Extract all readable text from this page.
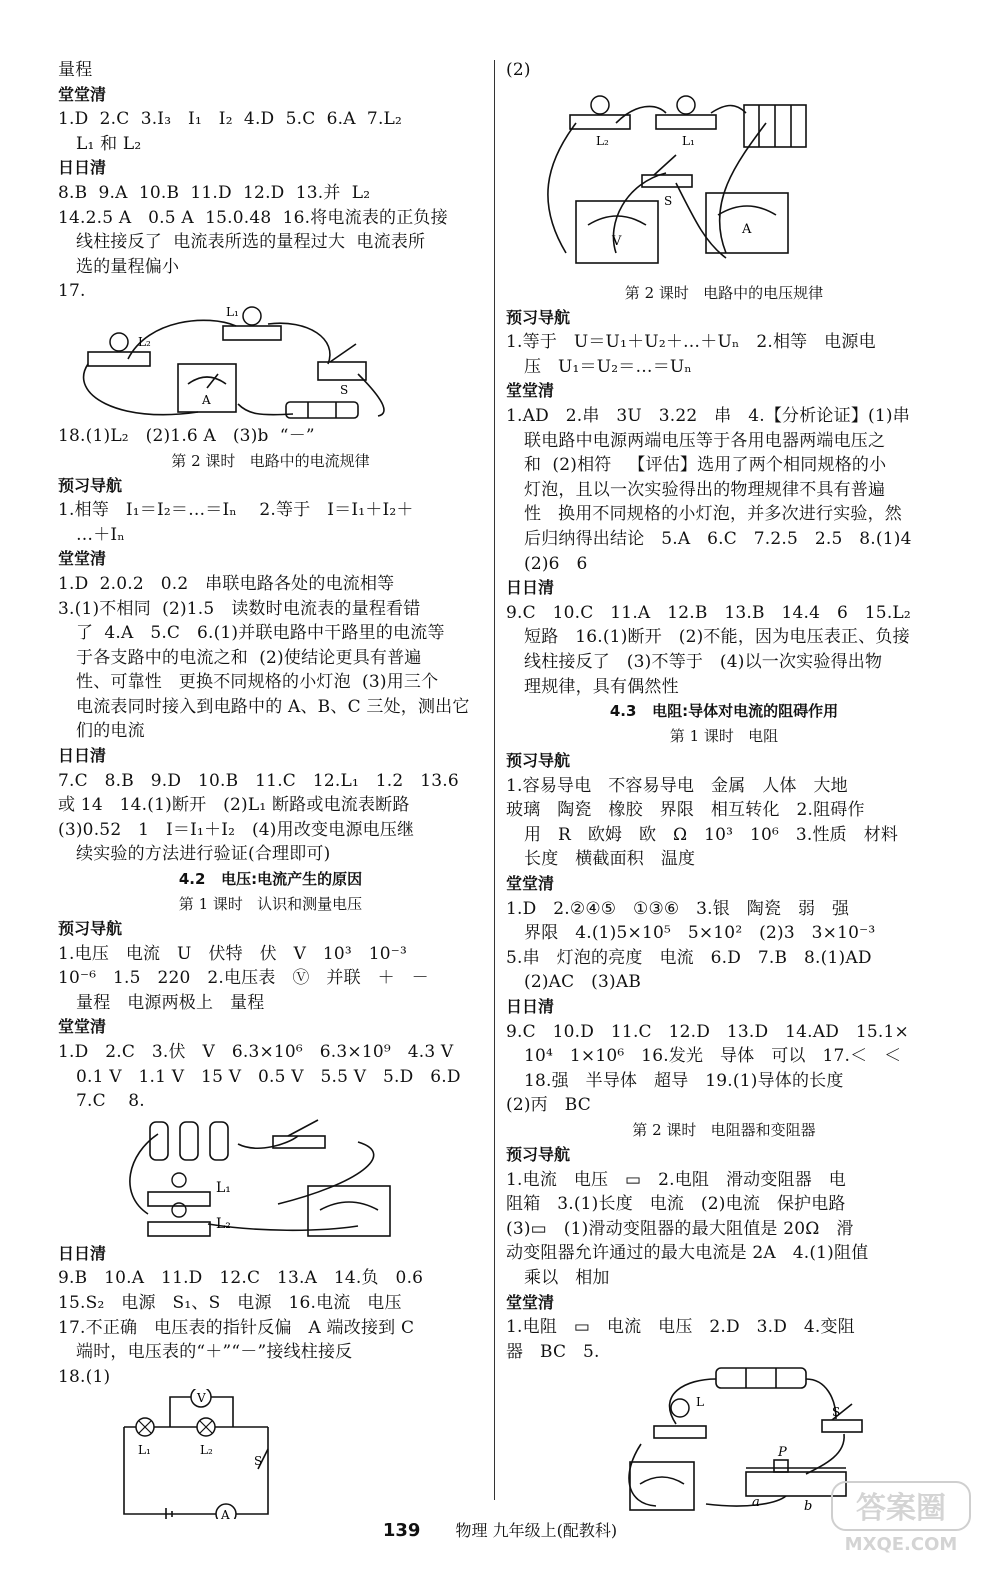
量程
堂堂清
1.D  2.C  3.I₃   I₁   I₂  4.D  5.C  6.A  7.L₂
L₁ 和 L₂
日日清
8.B  9.A  10.B  11.D  12.D  13.并  L₂
14.2.5 A   0.5 A  15.0.48  16.将电流表的正负接
线柱接反了  电流表所选的量程过大  电流表所
选的量程偏小
17.
L₂
L₁
A
S
18.(1)L₂   (2)1.6 A   (3)b  “－”
第 2 课时   电路中的电流规律
预习导航
1.相等   I₁＝I₂＝…＝Iₙ    2.等于   I＝I₁＋I₂＋
…＋Iₙ
堂堂清
1.D  2.0.2   0.2   串联电路各处的电流相等
3.(1)不相同  (2)1.5   读数时电流表的量程看错
了  4.A   5.C   6.(1)并联电路中干路里的电流等
于各支路中的电流之和  (2)使结论更具有普遍
性、可靠性   更换不同规格的小灯泡  (3)用三个
电流表同时接入到电路中的 A、B、C 三处，测出它
们的电流
日日清
7.C   8.B   9.D   10.B   11.C   12.L₁   1.2   13.6
或 14   14.(1)断开   (2)L₁ 断路或电流表断路
(3)0.52   1   I＝I₁＋I₂   (4)用改变电源电压继
续实验的方法进行验证(合理即可)
4.2   电压:电流产生的原因
第 1 课时   认识和测量电压
预习导航
1.电压   电流   U   伏特   伏   V   10³   10⁻³
10⁻⁶   1.5   220   2.电压表   Ⓥ   并联   ＋   －
量程   电源两极上   量程
堂堂清
1.D   2.C   3.伏   V   6.3×10⁶   6.3×10⁹   4.3 V
0.1 V   1.1 V   15 V   0.5 V   5.5 V   5.D   6.D
7.C    8.
L₁
L₂
日日清
9.B   10.A   11.D   12.C   13.A   14.负   0.6
15.S₂   电源   S₁、S   电源   16.电流   电压
17.不正确   电压表的指针反偏   A 端改接到 C
端时，电压表的“＋”“－”接线柱接反
18.(1)
V
A
L₁	L₂
S
(2)
L₂	L₁
S
V
A
第 2 课时   电路中的电压规律
预习导航
1.等于   U＝U₁＋U₂＋…＋Uₙ   2.相等   电源电
压   U₁＝U₂＝…＝Uₙ
堂堂清
1.AD   2.串   3U   3.22   串   4.【分析论证】(1)串
联电路中电源两端电压等于各用电器两端电压之
和  (2)相符   【评估】选用了两个相同规格的小
灯泡，且以一次实验得出的物理规律不具有普遍
性   换用不同规格的小灯泡，并多次进行实验，然
后归纳得出结论   5.A   6.C   7.2.5   2.5   8.(1)4
(2)6   6
日日清
9.C   10.C   11.A   12.B   13.B   14.4   6   15.L₂
短路   16.(1)断开   (2)不能，因为电压表正、负接
线柱接反了   (3)不等于   (4)以一次实验得出物
理规律，具有偶然性
4.3   电阻:导体对电流的阻碍作用
第 1 课时   电阻
预习导航
1.容易导电   不容易导电   金属   人体   大地
玻璃   陶瓷   橡胶   界限   相互转化   2.阻碍作
用   R   欧姆   欧   Ω   10³   10⁶   3.性质   材料
长度   横截面积   温度
堂堂清
1.D   2.②④⑤   ①③⑥   3.银   陶瓷   弱   强
界限   4.(1)5×10⁵   5×10²   (2)3   3×10⁻³
5.串   灯泡的亮度   电流   6.D   7.B   8.(1)AD
(2)AC   (3)AB
日日清
9.C   10.D   11.C   12.D   13.D   14.AD   15.1×
10⁴   1×10⁶   16.发光   导体   可以   17.＜   ＜
18.强   半导体   超导   19.(1)导体的长度
(2)丙   BC
第 2 课时   电阻器和变阻器
预习导航
1.电流   电压   ▭   2.电阻   滑动变阻器   电
阻箱   3.(1)长度   电流   (2)电流   保护电路
(3)▭   (1)滑动变阻器的最大阻值是 20Ω   滑
动变阻器允许通过的最大电流是 2A   4.(1)阻值
乘以   相加
堂堂清
1.电阻   ▭   电流   电压   2.D   3.D   4.变阻
器   BC   5.
L
S
P
a	b
139 物理 九年级上(配教科)
答案圈
MXQE.COM
